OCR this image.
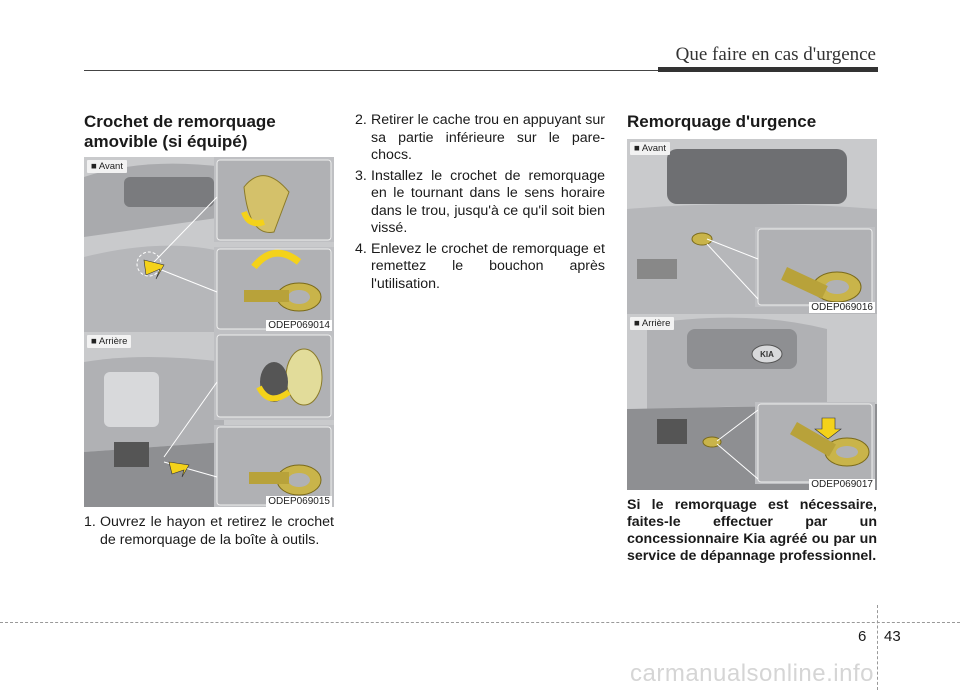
Que faire en cas d'urgence
Crochet de remorquage amovible (si équipé)
■ Avant
ODEP069014
■ Arrière
ODEP069015
1. Ouvrez le hayon et retirez le crochet de remorquage de la boîte à outils.
2. Retirer le cache trou en appuyant sur sa partie inférieure sur le pare-chocs.
3. Installez le crochet de remorquage en le tournant dans le sens horaire dans le trou, jusqu'à ce qu'il soit bien vissé.
4. Enlevez le crochet de remorquage et remettez le bouchon après l'utilisation.
Remorquage d'urgence
■ Avant
ODEP069016
KIA
■ Arrière
ODEP069017
Si le remorquage est nécessaire, faites-le effectuer par un concessionnaire Kia agréé ou par un service de dépannage professionnel.
6 43
carmanualsonline.info
